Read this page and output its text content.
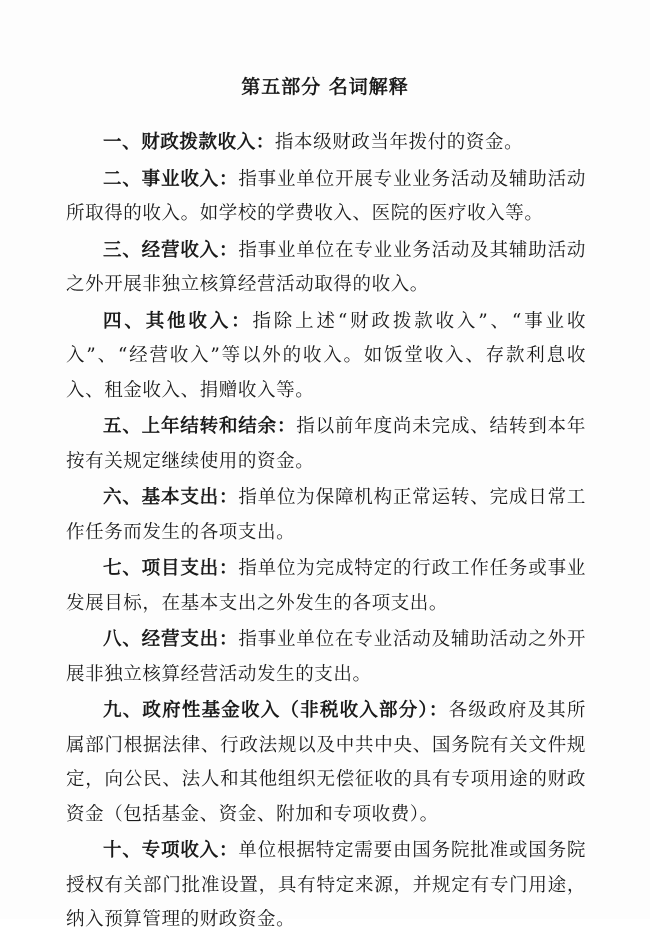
第五部分 名词解释

一、财政拨款收入：指本级财政当年拨付的资金。

二、事业收入：指事业单位开展专业业务活动及辅助活动所取得的收入。如学校的学费收入、医院的医疗收入等。

三、经营收入：指事业单位在专业业务活动及其辅助活动之外开展非独立核算经营活动取得的收入。

四、其他收入：指除上述“财政拨款收入”、“事业收入”、“经营收入”等以外的收入。如饭堂收入、存款利息收入、租金收入、捐赠收入等。

五、上年结转和结余：指以前年度尚未完成、结转到本年按有关规定继续使用的资金。

六、基本支出：指单位为保障机构正常运转、完成日常工作任务而发生的各项支出。

七、项目支出：指单位为完成特定的行政工作任务或事业发展目标，在基本支出之外发生的各项支出。

八、经营支出：指事业单位在专业活动及辅助活动之外开展非独立核算经营活动发生的支出。

九、政府性基金收入（非税收入部分）：各级政府及其所属部门根据法律、行政法规以及中共中央、国务院有关文件规定，向公民、法人和其他组织无偿征收的具有专项用途的财政资金（包括基金、资金、附加和专项收费）。

十、专项收入：单位根据特定需要由国务院批准或国务院授权有关部门批准设置，具有特定来源，并规定有专门用途，纳入预算管理的财政资金。
